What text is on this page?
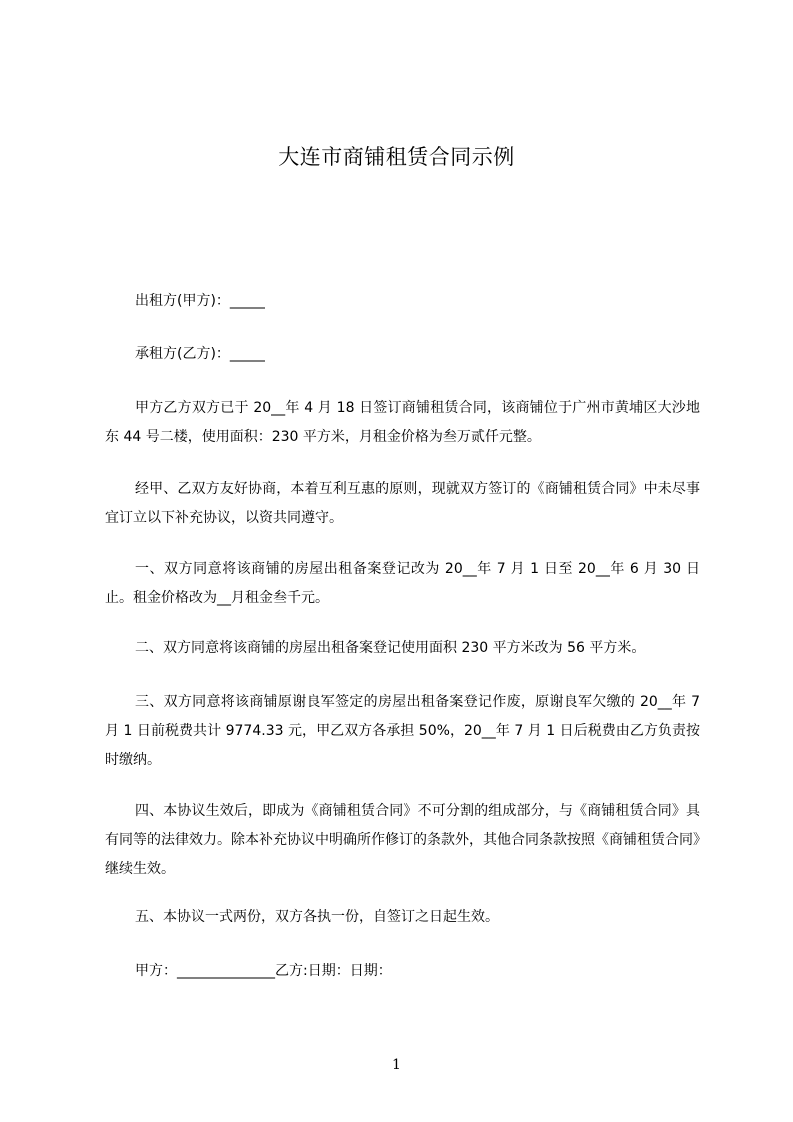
大连市商铺租赁合同示例
出租方(甲方)：_____
承租方(乙方)：_____
甲方乙方双方已于 20__年 4 月 18 日签订商铺租赁合同，该商铺位于广州市黄埔区大沙地东 44 号二楼，使用面积：230 平方米，月租金价格为叁万贰仟元整。
经甲、乙双方友好协商，本着互利互惠的原则，现就双方签订的《商铺租赁合同》中未尽事宜订立以下补充协议，以资共同遵守。
一、双方同意将该商铺的房屋出租备案登记改为 20__年 7 月 1 日至 20__年 6 月 30 日止。租金价格改为__月租金叁千元。
二、双方同意将该商铺的房屋出租备案登记使用面积 230 平方米改为 56 平方米。
三、双方同意将该商铺原谢良军签定的房屋出租备案登记作废，原谢良军欠缴的 20__年 7 月 1 日前税费共计 9774.33 元，甲乙双方各承担 50%，20__年 7 月 1 日后税费由乙方负责按时缴纳。
四、本协议生效后，即成为《商铺租赁合同》不可分割的组成部分，与《商铺租赁合同》具有同等的法律效力。除本补充协议中明确所作修订的条款外，其他合同条款按照《商铺租赁合同》继续生效。
五、本协议一式两份，双方各执一份，自签订之日起生效。
甲方：______________乙方:日期：日期：
1
